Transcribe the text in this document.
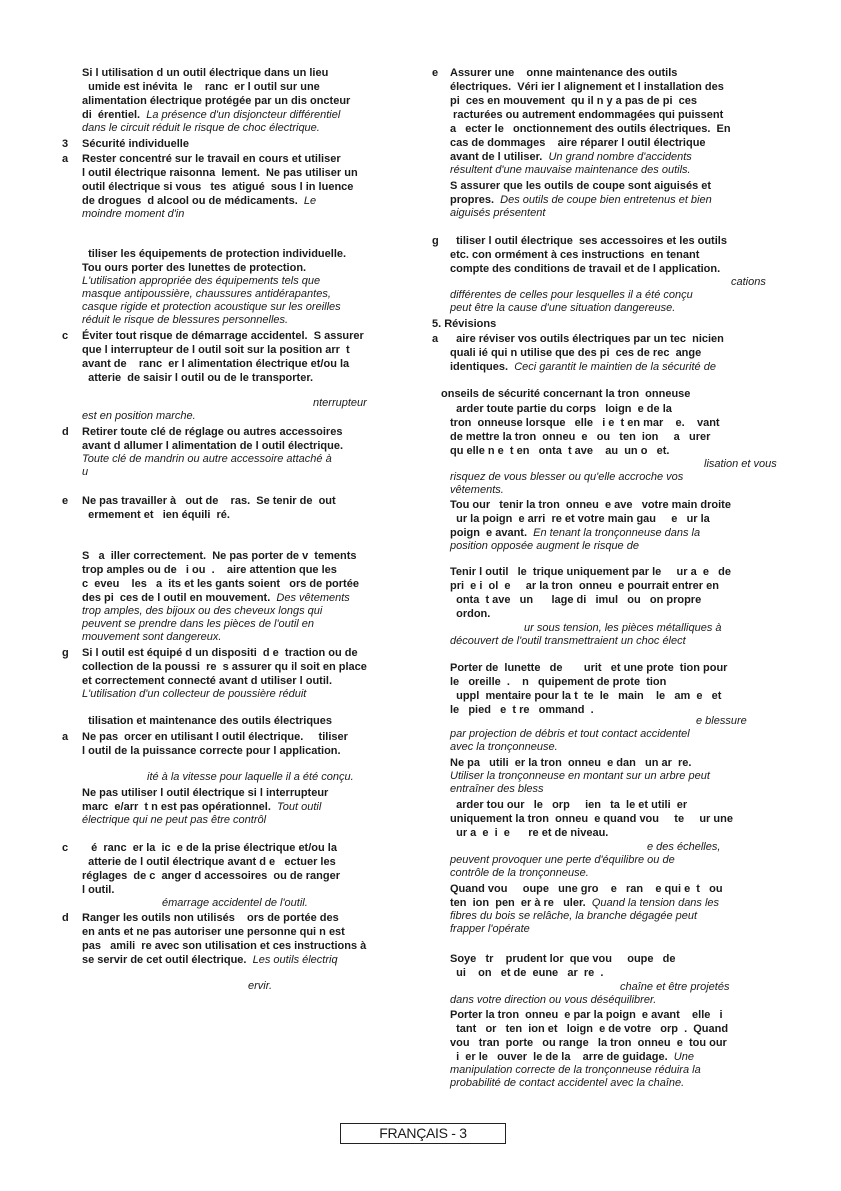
Si l utilisation d un outil électrique dans un lieu
umide est inévita  le    ranc  er l outil sur une
alimentation électrique protégée par un dis oncteur
di  érentiel. La présence d'un disjoncteur différentiel
dans le circuit réduit le risque de choc électrique.
3 Sécurité individuelle
a Rester concentré sur le travail en cours et utiliser
l outil électrique raisonna  lement.  Ne pas utiliser un
outil électrique si vous   tes  atigué  sous l in luence
de drogues  d alcool ou de médicaments. Le
moindre moment d'in
tiliser les équipements de protection individuelle.
Tou ours porter des lunettes de protection.
L'utilisation appropriée des équipements tels que
masque antipoussière, chaussures antidérapantes,
casque rigide et protection acoustique sur les oreilles
réduit le risque de blessures personnelles.
c Éviter tout risque de démarrage accidentel.  S assurer
que l interrupteur de l outil soit sur la position arr  t
avant de    ranc  er l alimentation électrique et/ou la
atterie  de saisir l outil ou de le transporter.
nterrupteur
est en position marche.
d Retirer toute clé de réglage ou autres accessoires
avant d allumer l alimentation de l outil électrique.
Toute clé de mandrin ou autre accessoire attaché à
u
e Ne pas travailler à   out de    ras.  Se tenir de  out
ermement et   ien équili  ré.
S   a  iller correctement.  Ne pas porter de v  tements
trop amples ou de   i ou  .    aire attention que les
c  eveu    les   a  its et les gants soient   ors de portée
des pi  ces de l outil en mouvement. Des vêtements
trop amples, des bijoux ou des cheveux longs qui
peuvent se prendre dans les pièces de l'outil en
mouvement sont dangereux.
g Si l outil est équipé d un dispositi  d e  traction ou de
collection de la poussi  re  s assurer qu il soit en place
et correctement connecté avant d utiliser l outil.
L'utilisation d'un collecteur de poussière réduit
tilisation et maintenance des outils électriques
a Ne pas  orcer en utilisant l outil électrique.     tiliser
l outil de la puissance correcte pour l application.
ité à la vitesse pour laquelle il a été conçu.
Ne pas utiliser l outil électrique si l interrupteur
marc  e/arr  t n est pas opérationnel. Tout outil
électrique qui ne peut pas être contrôl
c é  ranc  er la  ic  e de la prise électrique et/ou la
atterie de l outil électrique avant d e   ectuer les
réglages  de c  anger d accessoires  ou de ranger
l outil.
émarrage accidentel de l'outil.
d Ranger les outils non utilisés    ors de portée des
en ants et ne pas autoriser une personne qui n est
pas   amili  re avec son utilisation et ces instructions à
se servir de cet outil électrique. Les outils électriq
ervir.
e Assurer une    onne maintenance des outils
électriques.  Véri ier l alignement et l installation des
pi  ces en mouvement  qu il n y a pas de pi  ces
racturées ou autrement endommagées qui puissent
a   ecter le   onctionnement des outils électriques.  En
cas de dommages    aire réparer l outil électrique
avant de l utiliser. Un grand nombre d'accidents
résultent d'une mauvaise maintenance des outils.
S assurer que les outils de coupe sont aiguisés et
propres. Des outils de coupe bien entretenus et bien
aiguisés présentent
g tiliser l outil électrique  ses accessoires et les outils
etc. con ormément à ces instructions  en tenant
compte des conditions de travail et de l application.
cations
différentes de celles pour lesquelles il a été conçu
peut être la cause d'une situation dangereuse.
5. Révisions
a aire réviser vos outils électriques par un tec  nicien
quali ié qui n utilise que des pi  ces de rec  ange
identiques. Ceci garantit le maintien de la sécurité de
onseils de sécurité concernant la tron  onneuse
arder toute partie du corps   loign  e de la
tron  onneuse lorsque   elle   i e  t en mar    e.    vant
de mettre la tron  onneu  e   ou   ten  ion     a   urer
qu elle n e  t en   onta  t ave    au  un o   et.
lisation et vous
risquez de vous blesser ou qu'elle accroche vos
vêtements.
Tou our   tenir la tron  onneu  e ave   votre main droite
ur la poign  e arri  re et votre main gau     e   ur la
poign  e avant. En tenant la tronçonneuse dans la
position opposée augment le risque de
Tenir l outil   le  trique uniquement par le     ur a  e   de
pri  e i  ol  e     ar la tron  onneu  e pourrait entrer en
onta  t ave   un      lage di   imul   ou   on propre
ordon.
ur sous tension, les pièces métalliques à
découvert de l'outil transmettraient un choc élect
Porter de  lunette   de       urit   et une prote  tion pour
le   oreille  .    n   quipement de prote  tion
uppl  mentaire pour la t  te  le   main    le   am  e   et
le   pied   e  t re   ommand  .
e blessure
par projection de débris et tout contact accidentel
avec la tronçonneuse.
Ne pa   utili  er la tron  onneu  e dan   un ar  re.
Utiliser la tronçonneuse en montant sur un arbre peut
entraîner des bless
arder tou our   le   orp     ien   ta  le et utili  er
uniquement la tron  onneu  e quand vou     te     ur une
ur a  e  i  e      re et de niveau.
e des échelles,
peuvent provoquer une perte d'équilibre ou de
contrôle de la tronçonneuse.
Quand vou     oupe   une gro    e   ran    e qui e  t   ou
ten  ion  pen  er à re   uler. Quand la tension dans les
fibres du bois se relâche, la branche dégagée peut
frapper l'opérate
Soye   tr    prudent lor  que vou     oupe   de
ui    on   et de  eune   ar  re  .
chaîne et être projetés
dans votre direction ou vous déséquilibrer.
Porter la tron  onneu  e par la poign  e avant    elle   i
tant   or   ten  ion et   loign  e de votre   orp  .  Quand
vou   tran  porte   ou range   la tron  onneu  e  tou our
i  er le   ouver  le de la    arre de guidage. Une
manipulation correcte de la tronçonneuse réduira la
probabilité de contact accidentel avec la chaîne.
FRANÇAIS - 3
